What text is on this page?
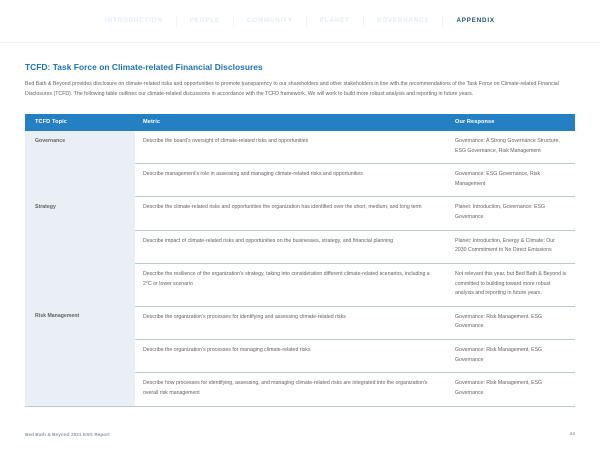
INTRODUCTION	PEOPLE	COMMUNITY	PLANET	GOVERNANCE	APPENDIX
TCFD: Task Force on Climate-related Financial Disclosures

Bed Bath & Beyond provides disclosure on climate-related risks and opportunities to promote transparency to our shareholders and other stakeholders in line with the recommendations of the Task Force on Climate-related Financial Disclosures (TCFD). The following table outlines our climate-related discussions in accordance with the TCFD framework. We will work to build more robust analysis and reporting in future years.

TCFD Topic	Metric	Our Response
Governance	Describe the board's oversight of climate-related risks and opportunities	Governance: A Strong Governance Structure, ESG Governance, Risk Management
	Describe management's role in assessing and managing climate-related risks and opportunities	Governance: ESG Governance, Risk Management
Strategy	Describe the climate-related risks and opportunities the organization has identified over the short, medium, and long term	Planet: Introduction, Governance: ESG Governance
	Describe impact of climate-related risks and opportunities on the businesses, strategy, and financial planning	Planet: Introduction, Energy & Climate: Our 2030 Commitment to No Direct Emissions
	Describe the resilience of the organization's strategy, taking into consideration different climate-related scenarios, including a 2°C or lower scenario	Not relevant this year, but Bed Bath & Beyond is committed to building toward more robust analysis and reporting in future years.
Risk Management	Describe the organization's processes for identifying and assessing climate-related risks	Governance: Risk Management, ESG Governance
	Describe the organization's processes for managing climate-related risks	Governance: Risk Management, ESG Governance
	Describe how processes for identifying, assessing, and managing climate-related risks are integrated into the organization's overall risk management	Governance: Risk Management, ESG Governance
Bed Bath & Beyond 2021 ESG Report	44
